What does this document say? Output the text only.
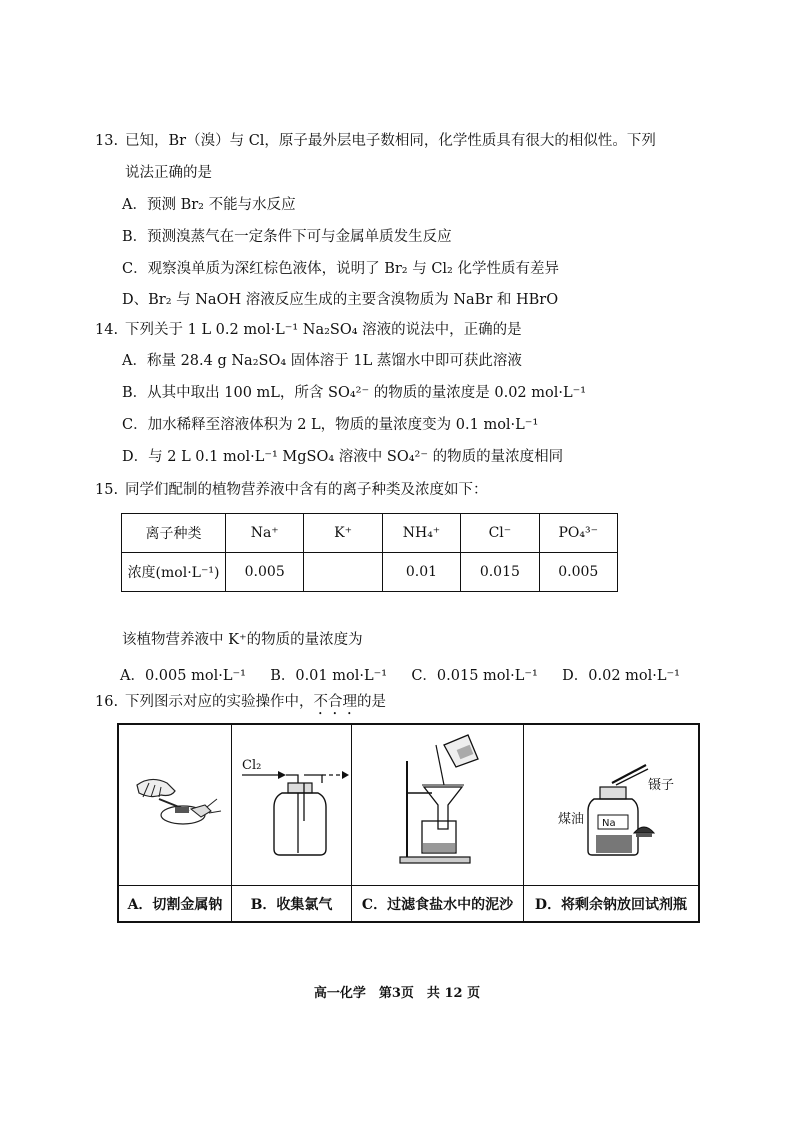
13. 已知，Br（溴）与 Cl，原子最外层电子数相同，化学性质具有很大的相似性。下列
说法正确的是
A．预测 Br₂ 不能与水反应
B．预测溴蒸气在一定条件下可与金属单质发生反应
C．观察溴单质为深红棕色液体，说明了 Br₂ 与 Cl₂ 化学性质有差异
D、Br₂ 与 NaOH 溶液反应生成的主要含溴物质为 NaBr 和 HBrO
14. 下列关于 1 L 0.2 mol·L⁻¹ Na₂SO₄ 溶液的说法中，正确的是
A．称量 28.4 g Na₂SO₄ 固体溶于 1L 蒸馏水中即可获此溶液
B．从其中取出 100 mL，所含 SO₄²⁻ 的物质的量浓度是 0.02 mol·L⁻¹
C．加水稀释至溶液体积为 2 L，物质的量浓度变为 0.1 mol·L⁻¹
D．与 2 L 0.1 mol·L⁻¹ MgSO₄ 溶液中 SO₄²⁻ 的物质的量浓度相同
15. 同学们配制的植物营养液中含有的离子种类及浓度如下：
离子种类	Na⁺	K⁺	NH₄⁺	Cl⁻	PO₄³⁻
浓度(mol·L⁻¹)	0.005		0.01	0.015	0.005
该植物营养液中 K⁺的物质的量浓度为
A．0.005 mol·L⁻¹ B．0.01 mol·L⁻¹ C．0.015 mol·L⁻¹ D．0.02 mol·L⁻¹
16. 下列图示对应的实验操作中，不合理的是
A．切割金属钠
Cl₂
B．收集氯气	C．过滤食盐水中的泥沙
镊子
Na
煤油
D．将剩余钠放回试剂瓶
高一化学　第3页　共 12 页
